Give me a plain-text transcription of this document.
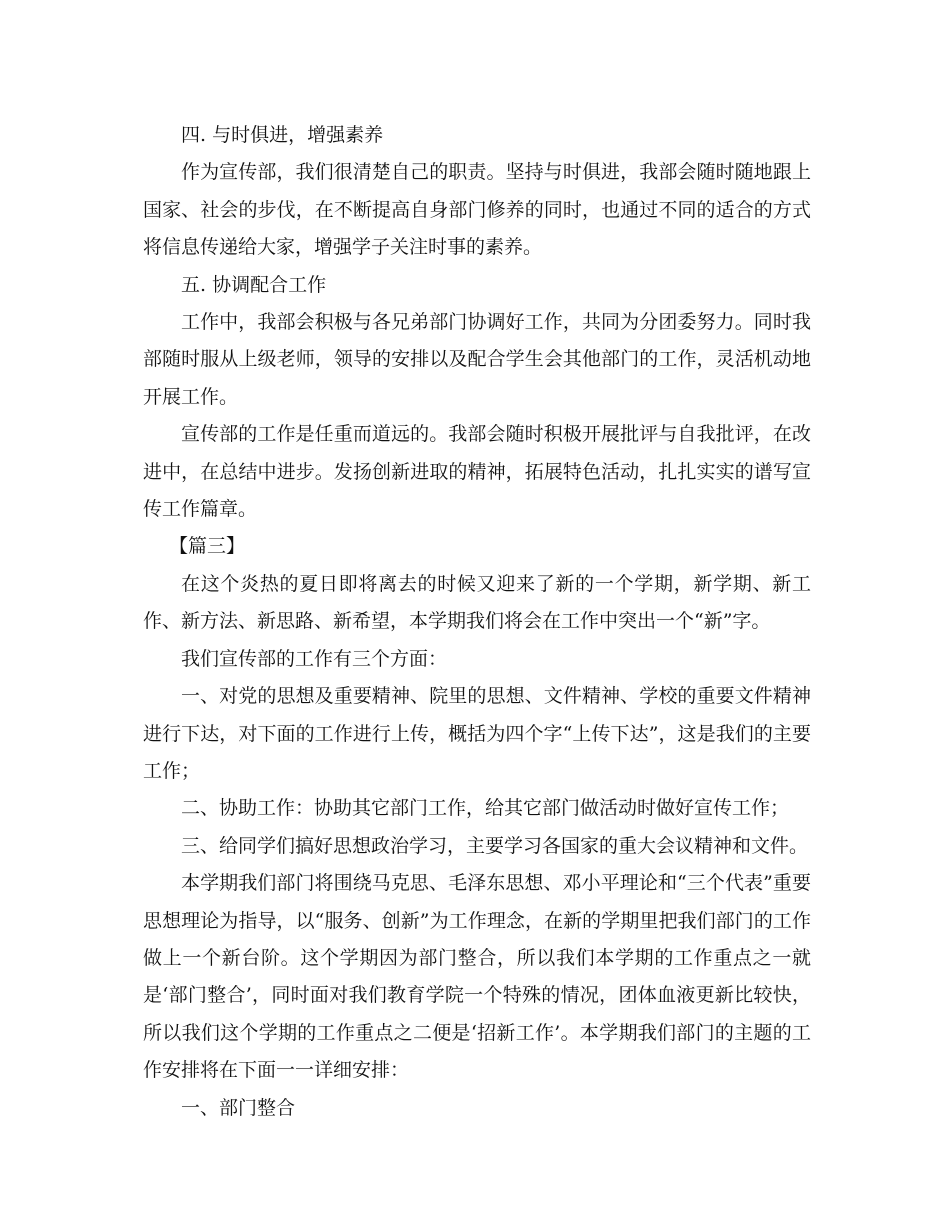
四. 与时俱进，增强素养

作为宣传部，我们很清楚自己的职责。坚持与时俱进，我部会随时随地跟上国家、社会的步伐，在不断提高自身部门修养的同时，也通过不同的适合的方式将信息传递给大家，增强学子关注时事的素养。

五. 协调配合工作

工作中，我部会积极与各兄弟部门协调好工作，共同为分团委努力。同时我部随时服从上级老师，领导的安排以及配合学生会其他部门的工作，灵活机动地开展工作。

宣传部的工作是任重而道远的。我部会随时积极开展批评与自我批评，在改进中，在总结中进步。发扬创新进取的精神，拓展特色活动，扎扎实实的谱写宣传工作篇章。

【篇三】

在这个炎热的夏日即将离去的时候又迎来了新的一个学期，新学期、新工作、新方法、新思路、新希望，本学期我们将会在工作中突出一个“新”字。

我们宣传部的工作有三个方面：

一、对党的思想及重要精神、院里的思想、文件精神、学校的重要文件精神进行下达，对下面的工作进行上传，概括为四个字“上传下达”，这是我们的主要工作；

二、协助工作：协助其它部门工作，给其它部门做活动时做好宣传工作；

三、给同学们搞好思想政治学习，主要学习各国家的重大会议精神和文件。

本学期我们部门将围绕马克思、毛泽东思想、邓小平理论和“三个代表”重要思想理论为指导，以“服务、创新”为工作理念，在新的学期里把我们部门的工作做上一个新台阶。这个学期因为部门整合，所以我们本学期的工作重点之一就是‘部门整合’，同时面对我们教育学院一个特殊的情况，团体血液更新比较快，所以我们这个学期的工作重点之二便是‘招新工作’。本学期我们部门的主题的工作安排将在下面一一详细安排：

一、部门整合
